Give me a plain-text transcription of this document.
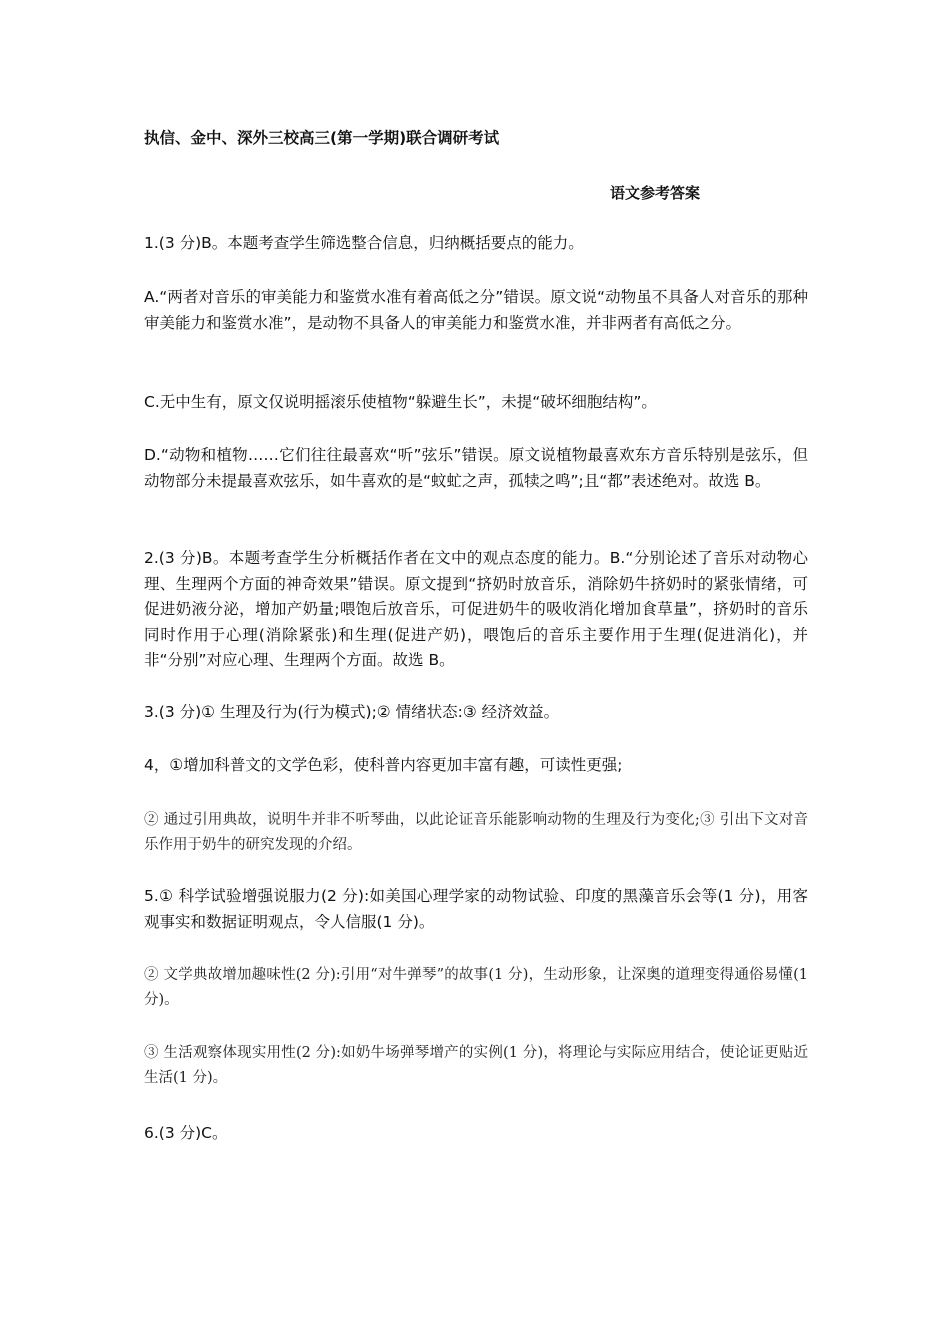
执信、金中、深外三校高三(第一学期)联合调研考试
语文参考答案

1.(3 分)B。本题考查学生筛选整合信息，归纳概括要点的能力。

A.“两者对音乐的审美能力和鉴赏水准有着高低之分”错误。原文说“动物虽不具备人对音乐的那种审美能力和鉴赏水准”，是动物不具备人的审美能力和鉴赏水准，并非两者有高低之分。

C.无中生有，原文仅说明摇滚乐使植物“躲避生长”，未提“破坏细胞结构”。

D.“动物和植物……它们往往最喜欢“听”弦乐”错误。原文说植物最喜欢东方音乐特别是弦乐，但动物部分未提最喜欢弦乐，如牛喜欢的是“蚊虻之声，孤犊之鸣”;且“都”表述绝对。故选 B。

2.(3 分)B。本题考查学生分析概括作者在文中的观点态度的能力。B.“分别论述了音乐对动物心理、生理两个方面的神奇效果”错误。原文提到“挤奶时放音乐，消除奶牛挤奶时的紧张情绪，可促进奶液分泌，增加产奶量;喂饱后放音乐，可促进奶牛的吸收消化增加食草量”，挤奶时的音乐同时作用于心理(消除紧张)和生理(促进产奶)，喂饱后的音乐主要作用于生理(促进消化)，并非“分别”对应心理、生理两个方面。故选 B。

3.(3 分)① 生理及行为(行为模式);② 情绪状态:③ 经济效益。

4，①增加科普文的文学色彩，使科普内容更加丰富有趣，可读性更强;

② 通过引用典故，说明牛并非不听琴曲，以此论证音乐能影响动物的生理及行为变化;③ 引出下文对音乐作用于奶牛的研究发现的介绍。

5.① 科学试验增强说服力(2 分):如美国心理学家的动物试验、印度的黑藻音乐会等(1 分)，用客观事实和数据证明观点，令人信服(1 分)。

② 文学典故增加趣味性(2 分):引用“对牛弹琴”的故事(1 分)，生动形象，让深奥的道理变得通俗易懂(1 分)。

③ 生活观察体现实用性(2 分):如奶牛场弹琴增产的实例(1 分)，将理论与实际应用结合，使论证更贴近生活(1 分)。

6.(3 分)C。
